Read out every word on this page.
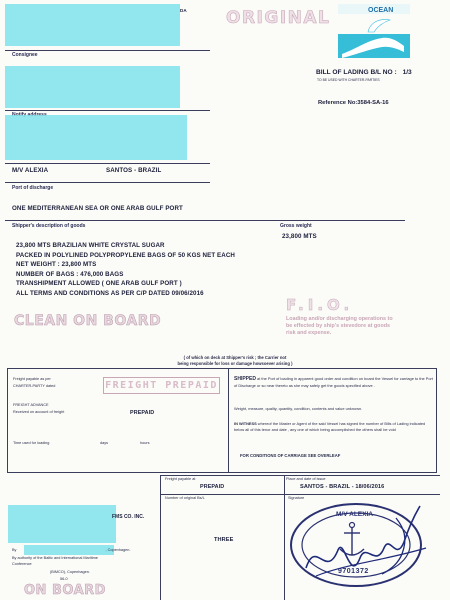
DA ORIGINAL	OCEAN
BILL OF LADING B/L NO : 1/3
TO BE USED WITH CHARTER-PARTIES
Reference No:3584-SA-16
Consignee
M/V ALEXIA	SANTOS - BRAZIL
Port of discharge
ONE MEDITERRANEAN SEA OR ONE ARAB GULF PORT
Shipper's description of goods	Gross weight
23,800 MTS
23,800 MTS BRAZILIAN WHITE CRYSTAL SUGAR
PACKED IN POLYLINED POLYPROPYLENE BAGS OF 50 KGS NET EACH
NET WEIGHT : 23,800 MTS
NUMBER OF BAGS : 476,000 BAGS
TRANSHIPMENT ALLOWED ( ONE ARAB GULF PORT )
ALL TERMS AND CONDITIONS AS PER C/P DATED 09/06/2016
CLEAN ON BOARD
F.I.O.
Loading and/or discharging operations to
be effected by ship's stevedore at goods
risk and expense.
( of which on deck at Shipper's risk ; the Carrier not
being responsible for loss or damage howsoever arising )
Freight payable as per
CHARTER-PARTY dated	FREIGHT PREPAID
FREIGHT ADVANCE
Received on account of freight	PREPAID
Time used for loading	days	hours
SHIPPED at the Port of loading in apparent good order and condition on board the Vessel for carriage to the Port of Discharge or so near thereto as she may safely get the goods specified above .
Weight, measure, quality, quantity, condition, contents and value unknown.
IN WITNESS whereof the Master or Agent of the said Vessel has signed the number of Bills of Lading indicated below all of this tenor and date , any one of which being accomplished the others shall be void
FOR CONDITIONS OF CARRIAGE SEE OVERLEAF
Freight payable at
PREPAID
Place and date of issue
SANTOS - BRAZIL - 18/06/2016
Number of original Bs/L	Signature
THREE
FMS CO. INC.
By	, Copenhagen.
By authority of the Baltic and International Maritime
Conference
(BIMCO), Copenhagen.
56-0
ON BOARD
M/V ALEXIA
9701372
